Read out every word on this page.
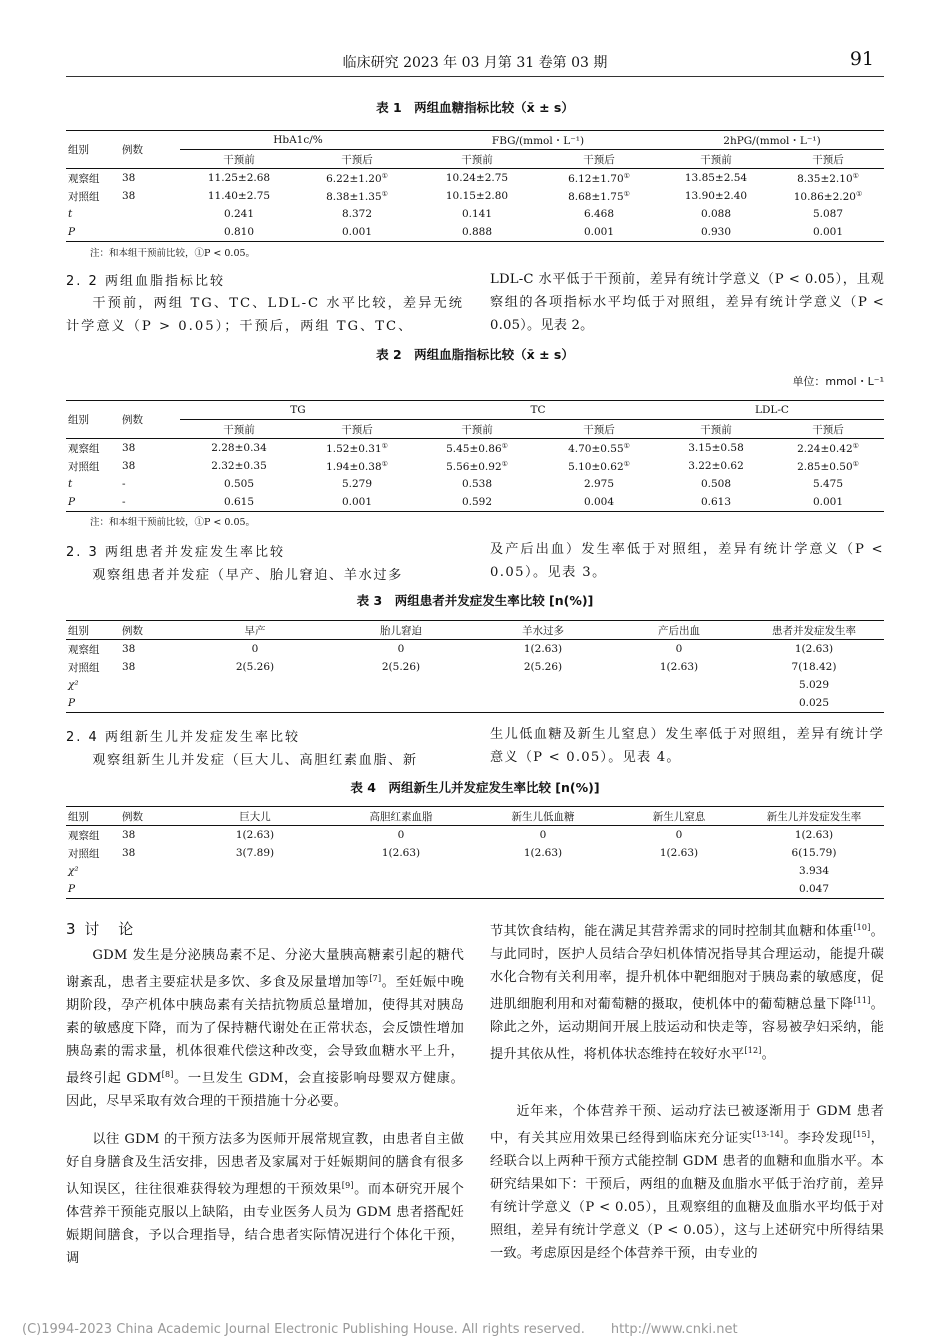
临床研究 2023 年 03 月第 31 卷第 03 期	91
表 1　两组血糖指标比较（x̄ ± s）
组别	例数	HbA1c/%		FBG/(mmol・L⁻¹)		2hPG/(mmol・L⁻¹)	
		干预前	干预后	干预前	干预后	干预前	干预后
观察组	38	11.25±2.68	6.22±1.20①	10.24±2.75	6.12±1.70①	13.85±2.54	8.35±2.10①
对照组	38	11.40±2.75	8.38±1.35①	10.15±2.80	8.68±1.75①	13.90±2.40	10.86±2.20①
t		0.241	8.372	0.141	6.468	0.088	5.087
P		0.810	0.001	0.888	0.001	0.930	0.001
注：和本组干预前比较，①P < 0.05。
2. 2 两组血脂指标比较
干预前，两组 TG、TC、LDL-C 水平比较，差异无统计学意义（P > 0.05）；干预后，两组 TG、TC、
LDL-C 水平低于干预前，差异有统计学意义（P < 0.05），且观察组的各项指标水平均低于对照组，差异有统计学意义（P < 0.05）。见表 2。
表 2　两组血脂指标比较（x̄ ± s）
单位：mmol・L⁻¹
组别	例数	TG		TC		LDL-C	
		干预前	干预后	干预前	干预后	干预前	干预后
观察组	38	2.28±0.34	1.52±0.31①	5.45±0.86①	4.70±0.55①	3.15±0.58	2.24±0.42①
对照组	38	2.32±0.35	1.94±0.38①	5.56±0.92①	5.10±0.62①	3.22±0.62	2.85±0.50①
t	-	0.505	5.279	0.538	2.975	0.508	5.475
P	-	0.615	0.001	0.592	0.004	0.613	0.001
注：和本组干预前比较，①P < 0.05。
2. 3 两组患者并发症发生率比较
观察组患者并发症（早产、胎儿窘迫、羊水过多
及产后出血）发生率低于对照组，差异有统计学意义（P < 0.05）。见表 3。
表 3　两组患者并发症发生率比较 [n(%)]
组别	例数	早产	胎儿窘迫	羊水过多	产后出血	患者并发症发生率
观察组	38	0	0	1(2.63)	0	1(2.63)
对照组	38	2(5.26)	2(5.26)	2(5.26)	1(2.63)	7(18.42)
χ²						5.029
P						0.025
2. 4 两组新生儿并发症发生率比较
观察组新生儿并发症（巨大儿、高胆红素血脂、新
生儿低血糖及新生儿窒息）发生率低于对照组，差异有统计学意义（P < 0.05）。见表 4。
表 4　两组新生儿并发症发生率比较 [n(%)]
组别	例数	巨大儿	高胆红素血脂	新生儿低血糖	新生儿窒息	新生儿并发症发生率
观察组	38	1(2.63)	0	0	0	1(2.63)
对照组	38	3(7.89)	1(2.63)	1(2.63)	1(2.63)	6(15.79)
χ²						3.934
P						0.047
3 讨　论
GDM 发生是分泌胰岛素不足、分泌大量胰高糖素引起的糖代谢紊乱，患者主要症状是多饮、多食及尿量增加等[7]。至妊娠中晚期阶段，孕产机体中胰岛素有关拮抗物质总量增加，使得其对胰岛素的敏感度下降，而为了保持糖代谢处在正常状态，会反馈性增加胰岛素的需求量，机体很难代偿这种改变，会导致血糖水平上升，最终引起 GDM[8]。一旦发生 GDM，会直接影响母婴双方健康。因此，尽早采取有效合理的干预措施十分必要。
以往 GDM 的干预方法多为医师开展常规宣教，由患者自主做好自身膳食及生活安排，因患者及家属对于妊娠期间的膳食有很多认知误区，往往很难获得较为理想的干预效果[9]。而本研究开展个体营养干预能克服以上缺陷，由专业医务人员为 GDM 患者搭配妊娠期间膳食，予以合理指导，结合患者实际情况进行个体化干预，调
节其饮食结构，能在满足其营养需求的同时控制其血糖和体重[10]。与此同时，医护人员结合孕妇机体情况指导其合理运动，能提升碳水化合物有关利用率，提升机体中靶细胞对于胰岛素的敏感度，促进肌细胞利用和对葡萄糖的摄取，使机体中的葡萄糖总量下降[11]。除此之外，运动期间开展上肢运动和快走等，容易被孕妇采纳，能提升其依从性，将机体状态维持在较好水平[12]。
近年来，个体营养干预、运动疗法已被逐渐用于 GDM 患者中，有关其应用效果已经得到临床充分证实[13-14]。李玲发现[15]，经联合以上两种干预方式能控制 GDM 患者的血糖和血脂水平。本研究结果如下：干预后，两组的血糖及血脂水平低于治疗前，差异有统计学意义（P < 0.05），且观察组的血糖及血脂水平均低于对照组，差异有统计学意义（P < 0.05），这与上述研究中所得结果一致。考虑原因是经个体营养干预，由专业的
(C)1994-2023 China Academic Journal Electronic Publishing House. All rights reserved.　　http://www.cnki.net
